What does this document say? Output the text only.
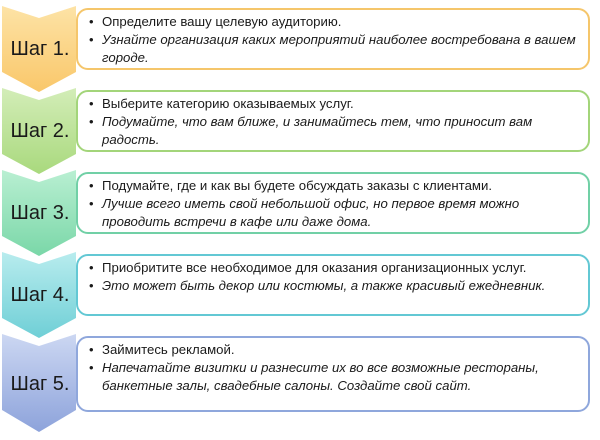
Шаг 1.
• Определите вашу целевую аудиторию.
• Узнайте организация каких мероприятий наиболее востребована в вашем городе.
Шаг 2.
• Выберите категорию оказываемых услуг.
• Подумайте, что вам ближе, и занимайтесь тем, что приносит вам радость.
Шаг 3.
• Подумайте, где и как вы будете обсуждать заказы с клиентами.
• Лучше всего иметь свой небольшой офис, но первое время можно проводить встречи в кафе или даже дома.
Шаг 4.
• Приобритите все необходимое для оказания организационных услуг.
• Это может быть декор или костюмы, а также красивый ежедневник.
Шаг 5.
• Займитесь рекламой.
• Напечатайте визитки и разнесите их во все возможные рестораны, банкетные залы, свадебные салоны. Создайте свой сайт.
